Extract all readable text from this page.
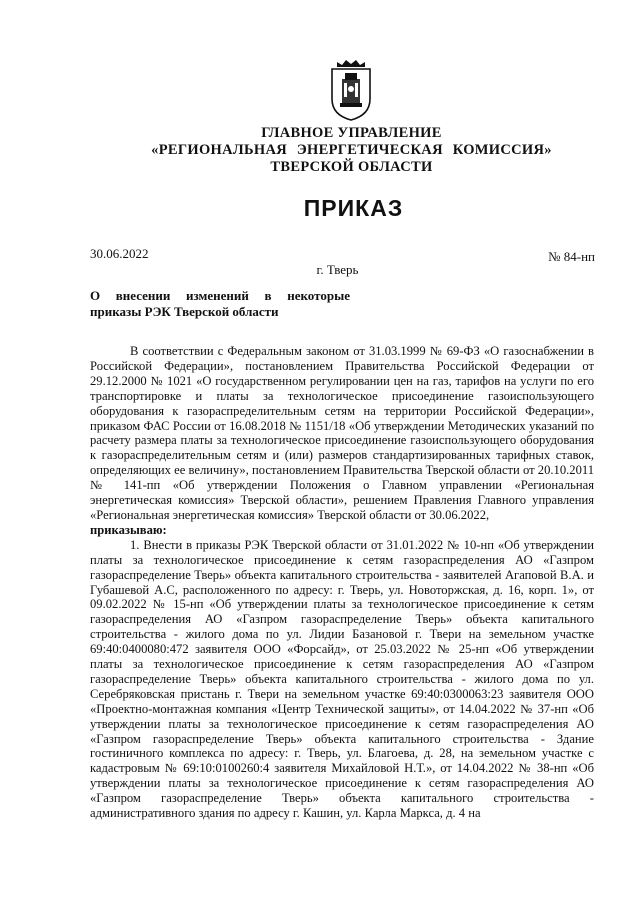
ГЛАВНОЕ УПРАВЛЕНИЕ
«РЕГИОНАЛЬНАЯ ЭНЕРГЕТИЧЕСКАЯ КОМИССИЯ»
ТВЕРСКОЙ ОБЛАСТИ
ПРИКАЗ
30.06.2022	№ 84-нп
г. Тверь
О внесении изменений в некоторые
приказы РЭК Тверской области

В соответствии с Федеральным законом от 31.03.1999 № 69-ФЗ «О газоснабжении в Российской Федерации», постановлением Правительства Российской Федерации от 29.12.2000 № 1021 «О государственном регулировании цен на газ, тарифов на услуги по его транспортировке и платы за технологическое присоединение газоиспользующего оборудования к газораспределительным сетям на территории Российской Федерации», приказом ФАС России от 16.08.2018 № 1151/18 «Об утверждении Методических указаний по расчету размера платы за технологическое присоединение газоиспользующего оборудования к газораспределительным сетям и (или) размеров стандартизированных тарифных ставок, определяющих ее величину», постановлением Правительства Тверской области от 20.10.2011 № 141-пп «Об утверждении Положения о Главном управлении «Региональная энергетическая комиссия» Тверской области», решением Правления Главного управления «Региональная энергетическая комиссия» Тверской области от 30.06.2022,

приказываю:

1. Внести в приказы РЭК Тверской области от 31.01.2022 № 10-нп «Об утверждении платы за технологическое присоединение к сетям газораспределения АО «Газпром газораспределение Тверь» объекта капитального строительства - заявителей Агаповой В.А. и Губашевой А.С, расположенного по адресу: г. Тверь, ул. Новоторжская, д. 16, корп. 1», от 09.02.2022 № 15-нп «Об утверждении платы за технологическое присоединение к сетям газораспределения АО «Газпром газораспределение Тверь» объекта капитального строительства - жилого дома по ул. Лидии Базановой г. Твери на земельном участке 69:40:0400080:472 заявителя ООО «Форсайд», от 25.03.2022 № 25-нп «Об утверждении платы за технологическое присоединение к сетям газораспределения АО «Газпром газораспределение Тверь» объекта капитального строительства - жилого дома по ул. Серебряковская пристань г. Твери на земельном участке 69:40:0300063:23 заявителя ООО «Проектно-монтажная компания «Центр Технической защиты», от 14.04.2022 № 37-нп «Об утверждении платы за технологическое присоединение к сетям газораспределения АО «Газпром газораспределение Тверь» объекта капитального строительства - Здание гостиничного комплекса по адресу: г. Тверь, ул. Благоева, д. 28, на земельном участке с кадастровым № 69:10:0100260:4 заявителя Михайловой Н.Т.», от 14.04.2022 № 38-нп «Об утверждении платы за технологическое присоединение к сетям газораспределения АО «Газпром газораспределение Тверь» объекта капитального строительства - административного здания по адресу г. Кашин, ул. Карла Маркса, д. 4 на
